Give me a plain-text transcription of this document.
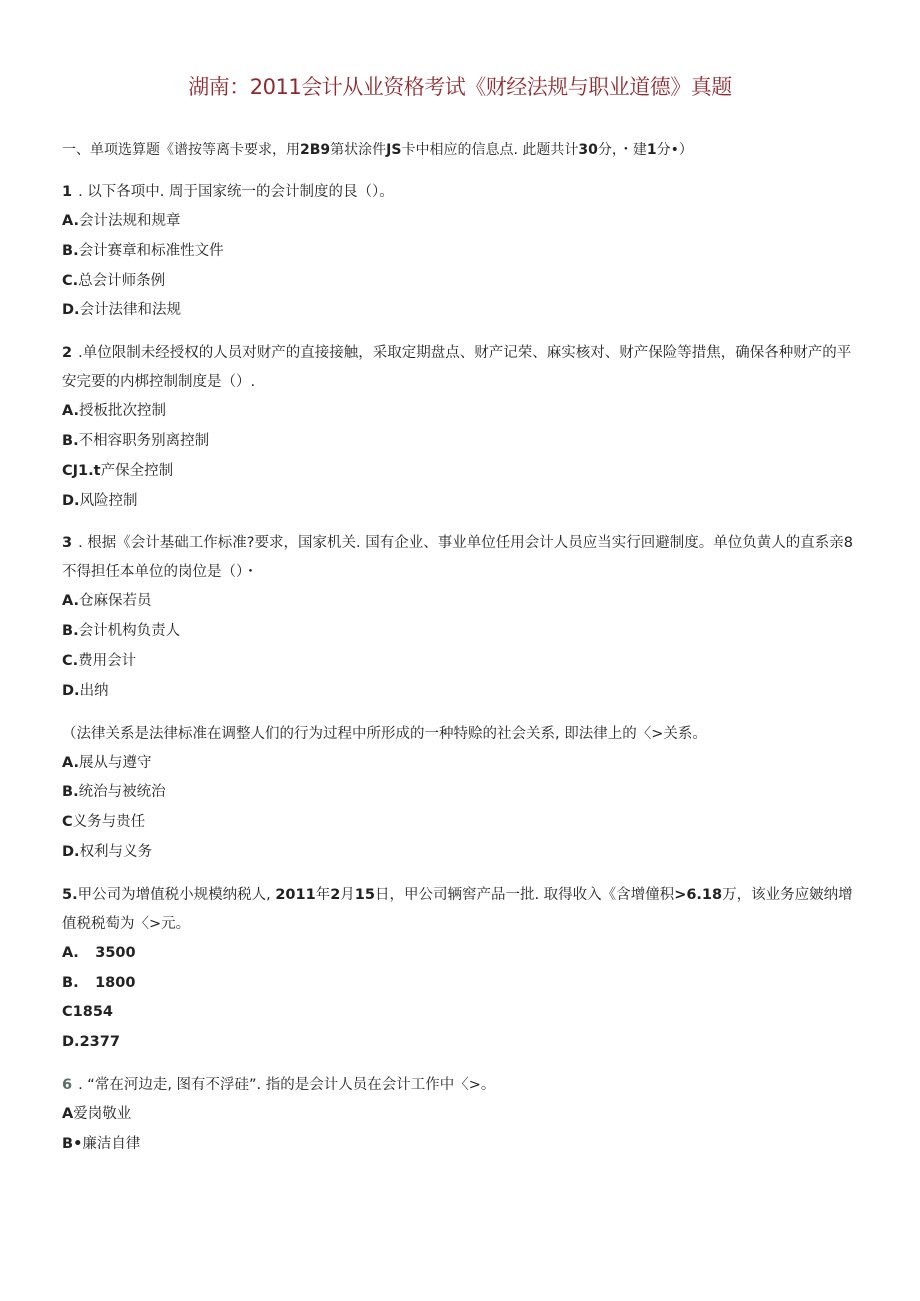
湖南：2011会计从业资格考试《财经法规与职业道德》真题
一、单项选算题《谱按等离卡要求，用2B9第状涂件JS卡中相应的信息点. 此题共计30分，・建1分•）
1 . 以下各项中. 周于国家统一的会计制度的艮（）。
A.会计法规和规章
B.会计赛章和标准性文件
C.总会计师条例
D.会计法律和法规
2 .单位限制未经授权的人员对财产的直接接触，采取定期盘点、财产记荣、麻实核对、财产保险等措焦，确保各种财产的平安完要的内梆控制制度是（）.
A.授板批次控制
B.不相容职务别离控制
CJ1.t产保全控制
D.风险控制
3 . 根据《会计基础工作标准?要求，国家机关. 国有企业、事业单位任用会计人员应当实行回避制度。单位负黄人的直系亲8不得担任本单位的岗位是（）・
A.仓麻保若员
B.会计机构负责人
C.费用会计
D.出纳
（法律关系是法律标准在调整人们的行为过程中所形成的一种特赊的社会关系, 即法律上的〈>关系。
A.展从与遵守
B.统治与被统治
C义务与贵任
D.权利与义务
5.甲公司为增值税小规模纳税人, 2011年2月15日，甲公司辆窖产品一批. 取得收入《含增僮积>6.18万，该业务应皴纳增值税税萄为〈>元。
A. 3500
B. 1800
C1854
D.2377
6 . “常在河边走, 图有不浮硅”. 指的是会计人员在会计工作中〈>。
A爱岗敬业
B•廉洁自律
